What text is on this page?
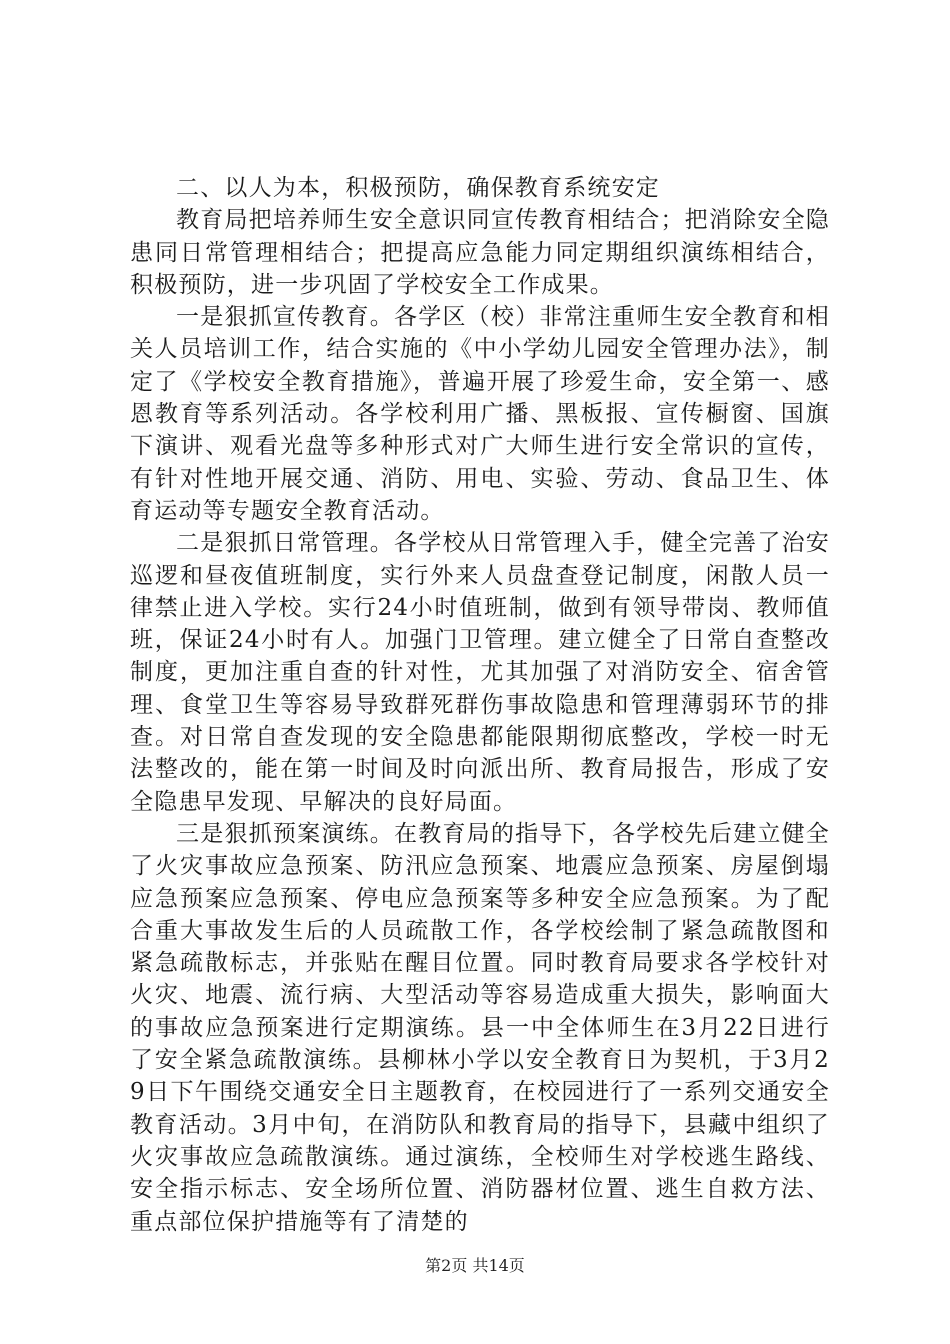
二、以人为本，积极预防，确保教育系统安定

教育局把培养师生安全意识同宣传教育相结合；把消除安全隐患同日常管理相结合；把提高应急能力同定期组织演练相结合，积极预防，进一步巩固了学校安全工作成果。

一是狠抓宣传教育。各学区（校）非常注重师生安全教育和相关人员培训工作，结合实施的《中小学幼儿园安全管理办法》，制定了《学校安全教育措施》，普遍开展了珍爱生命，安全第一、感恩教育等系列活动。各学校利用广播、黑板报、宣传橱窗、国旗下演讲、观看光盘等多种形式对广大师生进行安全常识的宣传，有针对性地开展交通、消防、用电、实验、劳动、食品卫生、体育运动等专题安全教育活动。

二是狠抓日常管理。各学校从日常管理入手，健全完善了治安巡逻和昼夜值班制度，实行外来人员盘查登记制度，闲散人员一律禁止进入学校。实行24小时值班制，做到有领导带岗、教师值班，保证24小时有人。加强门卫管理。建立健全了日常自查整改制度，更加注重自查的针对性，尤其加强了对消防安全、宿舍管理、食堂卫生等容易导致群死群伤事故隐患和管理薄弱环节的排查。对日常自查发现的安全隐患都能限期彻底整改，学校一时无法整改的，能在第一时间及时向派出所、教育局报告，形成了安全隐患早发现、早解决的良好局面。

三是狠抓预案演练。在教育局的指导下，各学校先后建立健全了火灾事故应急预案、防汛应急预案、地震应急预案、房屋倒塌应急预案应急预案、停电应急预案等多种安全应急预案。为了配合重大事故发生后的人员疏散工作，各学校绘制了紧急疏散图和紧急疏散标志，并张贴在醒目位置。同时教育局要求各学校针对火灾、地震、流行病、大型活动等容易造成重大损失，影响面大的事故应急预案进行定期演练。县一中全体师生在3月22日进行了安全紧急疏散演练。县柳林小学以安全教育日为契机，于3月29日下午围绕交通安全日主题教育，在校园进行了一系列交通安全教育活动。3月中旬，在消防队和教育局的指导下，县藏中组织了火灾事故应急疏散演练。通过演练，全校师生对学校逃生路线、安全指示标志、安全场所位置、消防器材位置、逃生自救方法、重点部位保护措施等有了清楚的

第2页 共14页
